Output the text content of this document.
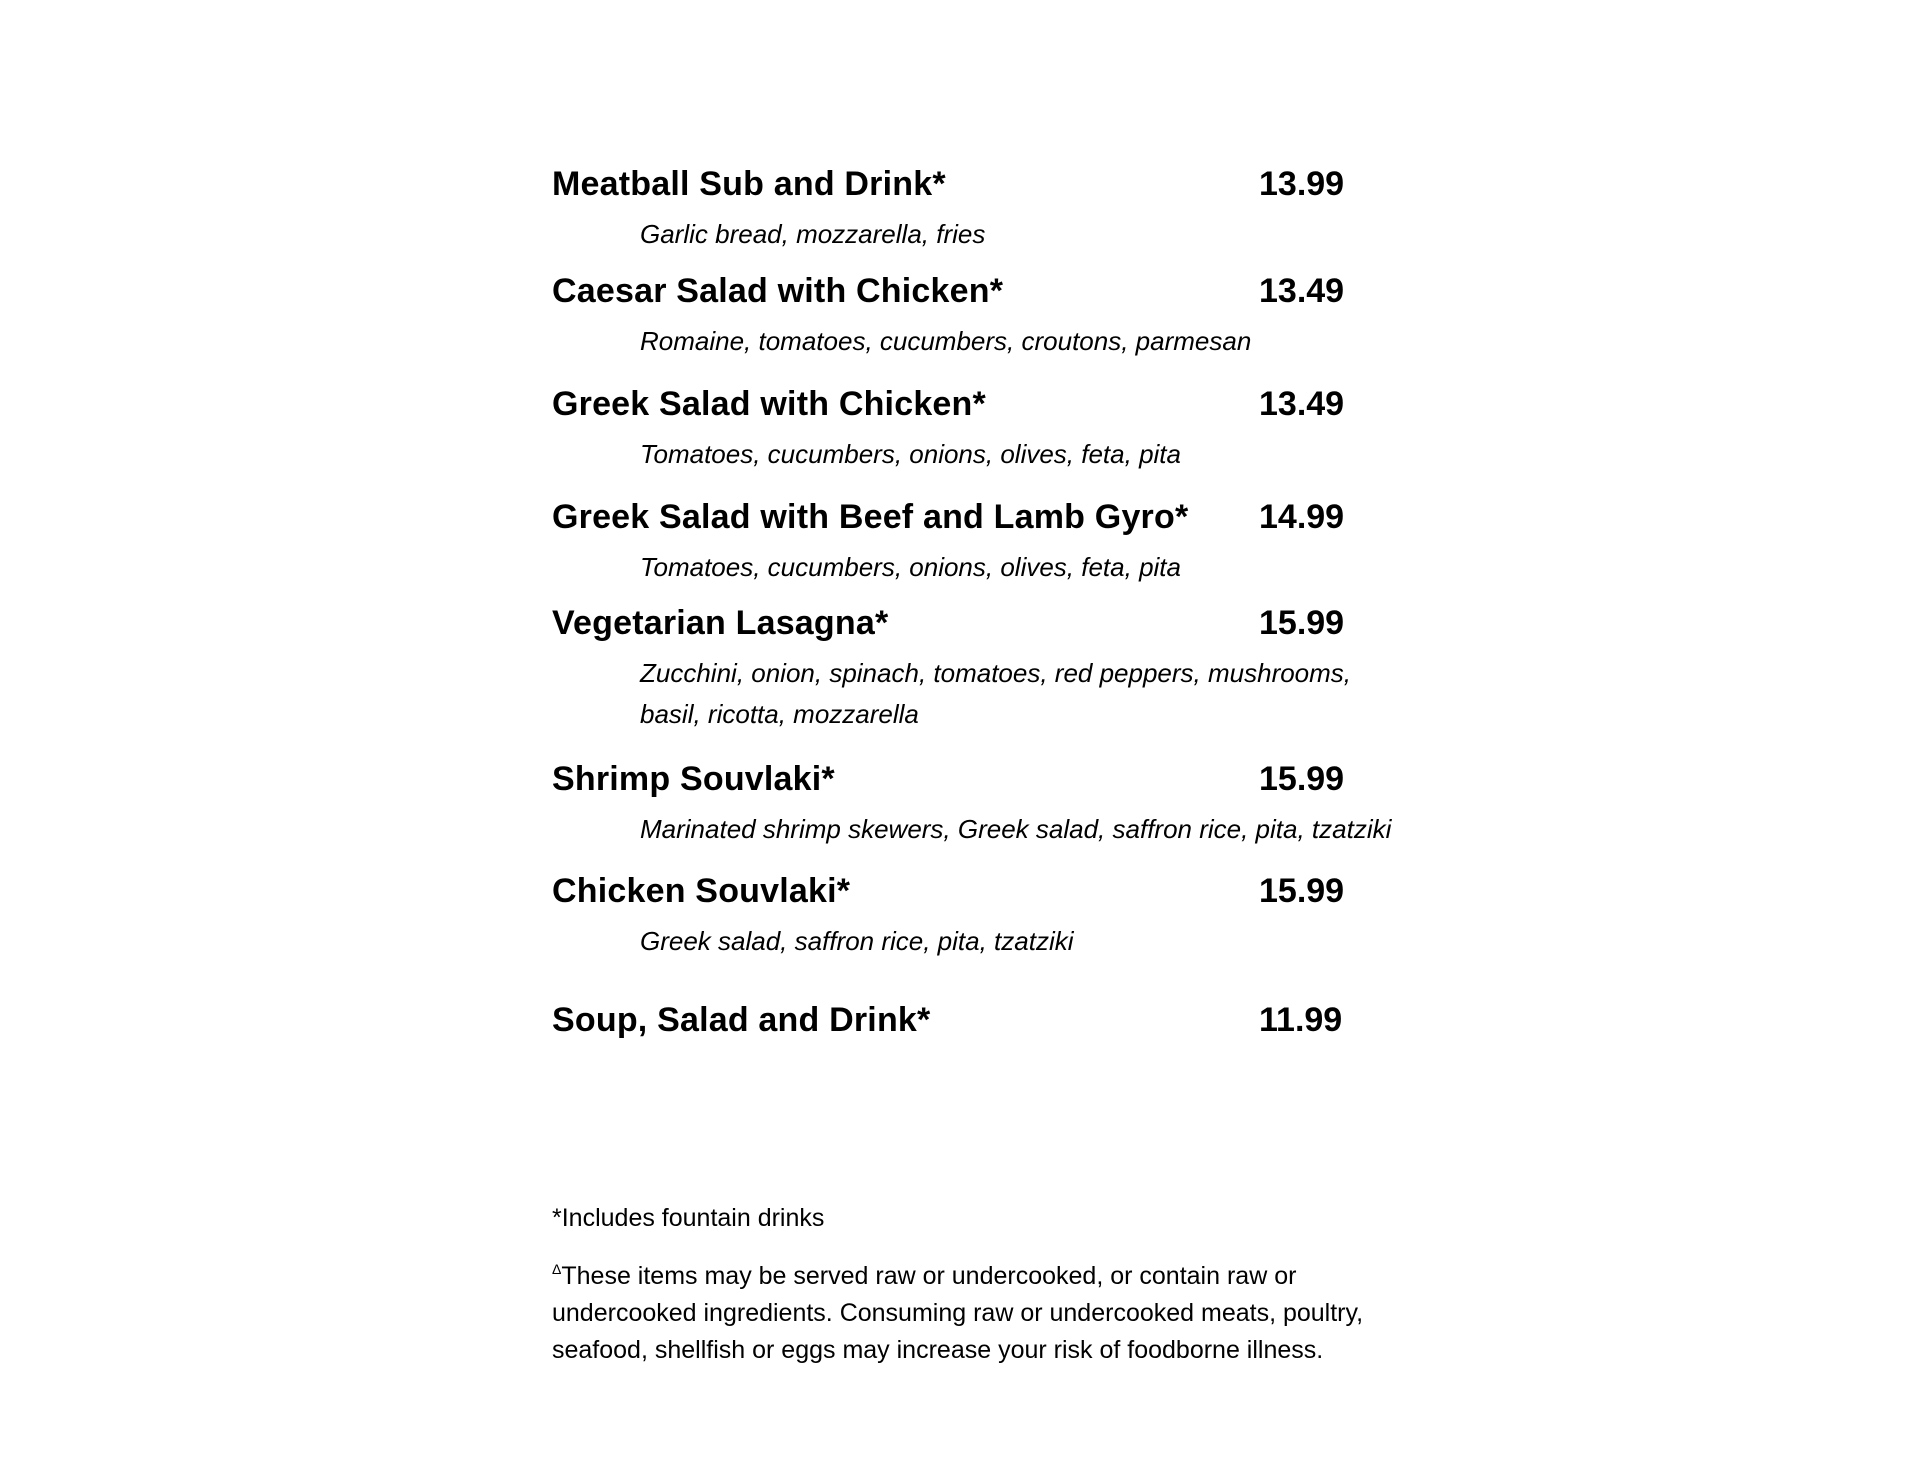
Meatball Sub and Drink*	13.99
Garlic bread, mozzarella, fries
Caesar Salad with Chicken*	13.49
Romaine, tomatoes, cucumbers, croutons, parmesan
Greek Salad with Chicken*	13.49
Tomatoes, cucumbers, onions, olives, feta, pita
Greek Salad with Beef and Lamb Gyro* 14.99
Tomatoes, cucumbers, onions, olives, feta, pita
Vegetarian Lasagna*	15.99
Zucchini, onion, spinach, tomatoes, red peppers, mushrooms, basil, ricotta, mozzarella
Shrimp Souvlaki*	15.99
Marinated shrimp skewers, Greek salad, saffron rice, pita, tzatziki
Chicken Souvlaki*	15.99
Greek salad, saffron rice, pita, tzatziki
Soup, Salad and Drink*	11.99

*Includes fountain drinks

$^\Delta$These items may be served raw or undercooked, or contain raw or undercooked ingredients. Consuming raw or undercooked meats, poultry, seafood, shellfish or eggs may increase your risk of foodborne illness.
